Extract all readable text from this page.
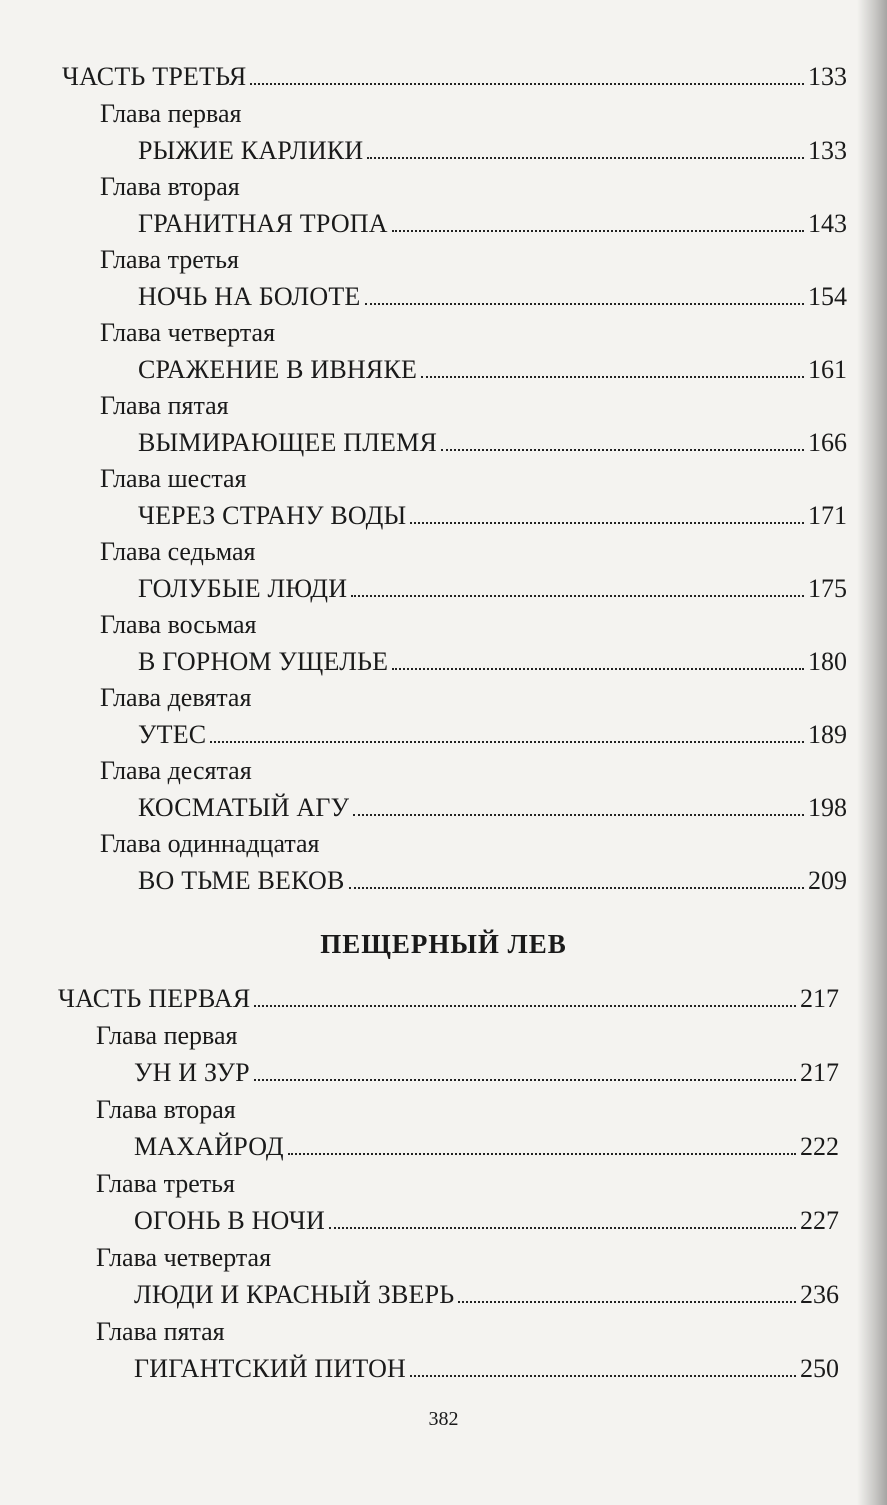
ЧАСТЬ ТРЕТЬЯ	133
Глава первая
РЫЖИЕ КАРЛИКИ	133
Глава вторая
ГРАНИТНАЯ ТРОПА	143
Глава третья
НОЧЬ НА БОЛОТЕ	154
Глава четвертая
СРАЖЕНИЕ В ИВНЯКЕ	161
Глава пятая
ВЫМИРАЮЩЕЕ ПЛЕМЯ	166
Глава шестая
ЧЕРЕЗ СТРАНУ ВОДЫ	171
Глава седьмая
ГОЛУБЫЕ ЛЮДИ	175
Глава восьмая
В ГОРНОМ УЩЕЛЬЕ	180
Глава девятая
УТЕС	189
Глава десятая
КОСМАТЫЙ АГУ	198
Глава одиннадцатая
ВО ТЬМЕ ВЕКОВ	209
ПЕЩЕРНЫЙ ЛЕВ
ЧАСТЬ ПЕРВАЯ	217
Глава первая
УН И ЗУР	217
Глава вторая
МАХАЙРОД	222
Глава третья
ОГОНЬ В НОЧИ	227
Глава четвертая
ЛЮДИ И КРАСНЫЙ ЗВЕРЬ	236
Глава пятая
ГИГАНТСКИЙ ПИТОН	250
382
